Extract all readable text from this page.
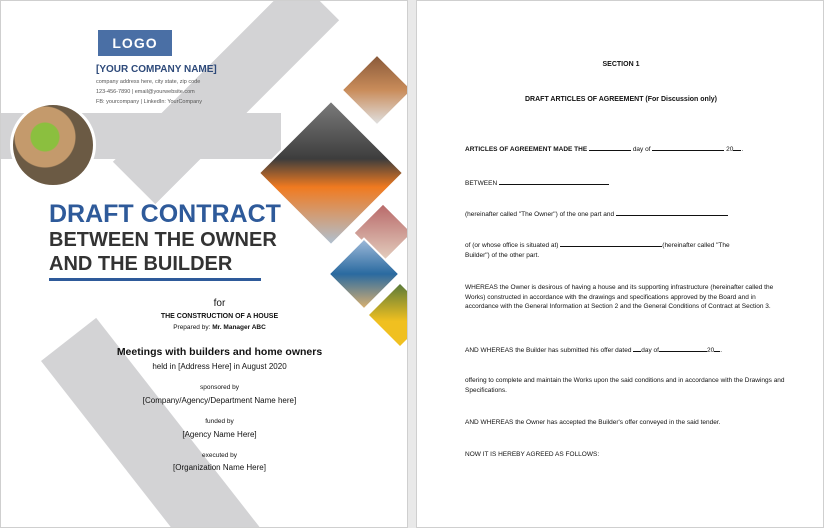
LOGO
[YOUR COMPANY NAME]
company address here, city state, zip code
123-456-7890 | email@yourwebsite.com
FB: yourcompany | LinkedIn: YourCompany
DRAFT CONTRACT
BETWEEN THE OWNER
AND THE BUILDER
for
THE CONSTRUCTION OF A HOUSE
Prepared by: Mr. Manager ABC
Meetings with builders and home owners
held in [Address Here] in August 2020
sponsored by
[Company/Agency/Department Name here]
funded by
[Agency Name Here]
executed by
[Organization Name Here]
SECTION 1
DRAFT ARTICLES OF AGREEMENT (For Discussion only)
ARTICLES OF AGREEMENT MADE THE	day of	20 .
BETWEEN
(hereinafter called "The Owner") of the one part and
of (or whose office is situated at)	(hereinafter called "The
Builder") of the other part.
WHEREAS the Owner is desirous of having a house and its supporting infrastructure (hereinafter called the Works) constructed in accordance with the drawings and specifications approved by the Board and in accordance with the General Information at Section 2 and the General Conditions of Contract at Section 3.
AND WHEREAS the Builder has submitted his offer dated day of	20 .
offering to complete and maintain the Works upon the said conditions and in accordance with the Drawings and Specifications.
AND WHEREAS the Owner has accepted the Builder's offer conveyed in the said tender.
NOW IT IS HEREBY AGREED AS FOLLOWS:
